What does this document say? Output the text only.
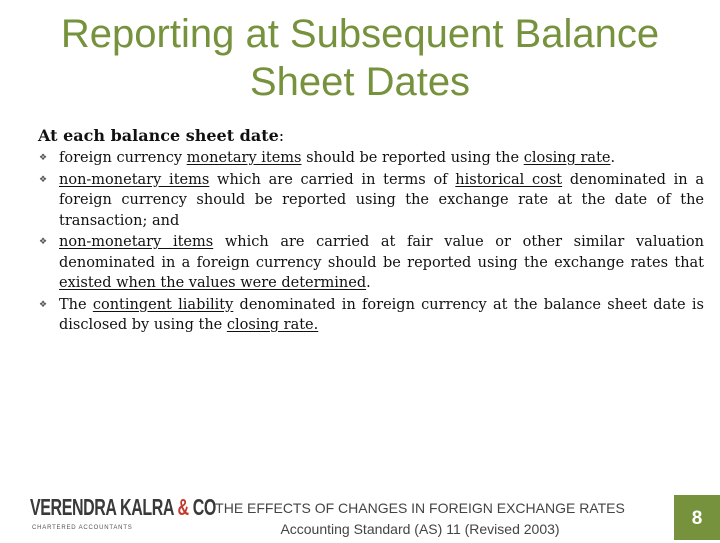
Reporting at Subsequent Balance
Sheet Dates
At each balance sheet date:
❖ foreign currency monetary items should be reported using the closing rate.
❖ non-monetary items which are carried in terms of historical cost denominated in a foreign currency should be reported using the exchange rate at the date of the transaction; and
❖ non-monetary items which are carried at fair value or other similar valuation denominated in a foreign currency should be reported using the exchange rates that existed when the values were determined.
❖ The contingent liability denominated in foreign currency at the balance sheet date is disclosed by using the closing rate.
VERENDRA KALRA & CO
CHARTERED ACCOUNTANTS
THE EFFECTS OF CHANGES IN FOREIGN EXCHANGE RATES
Accounting Standard (AS) 11 (Revised 2003)	8
